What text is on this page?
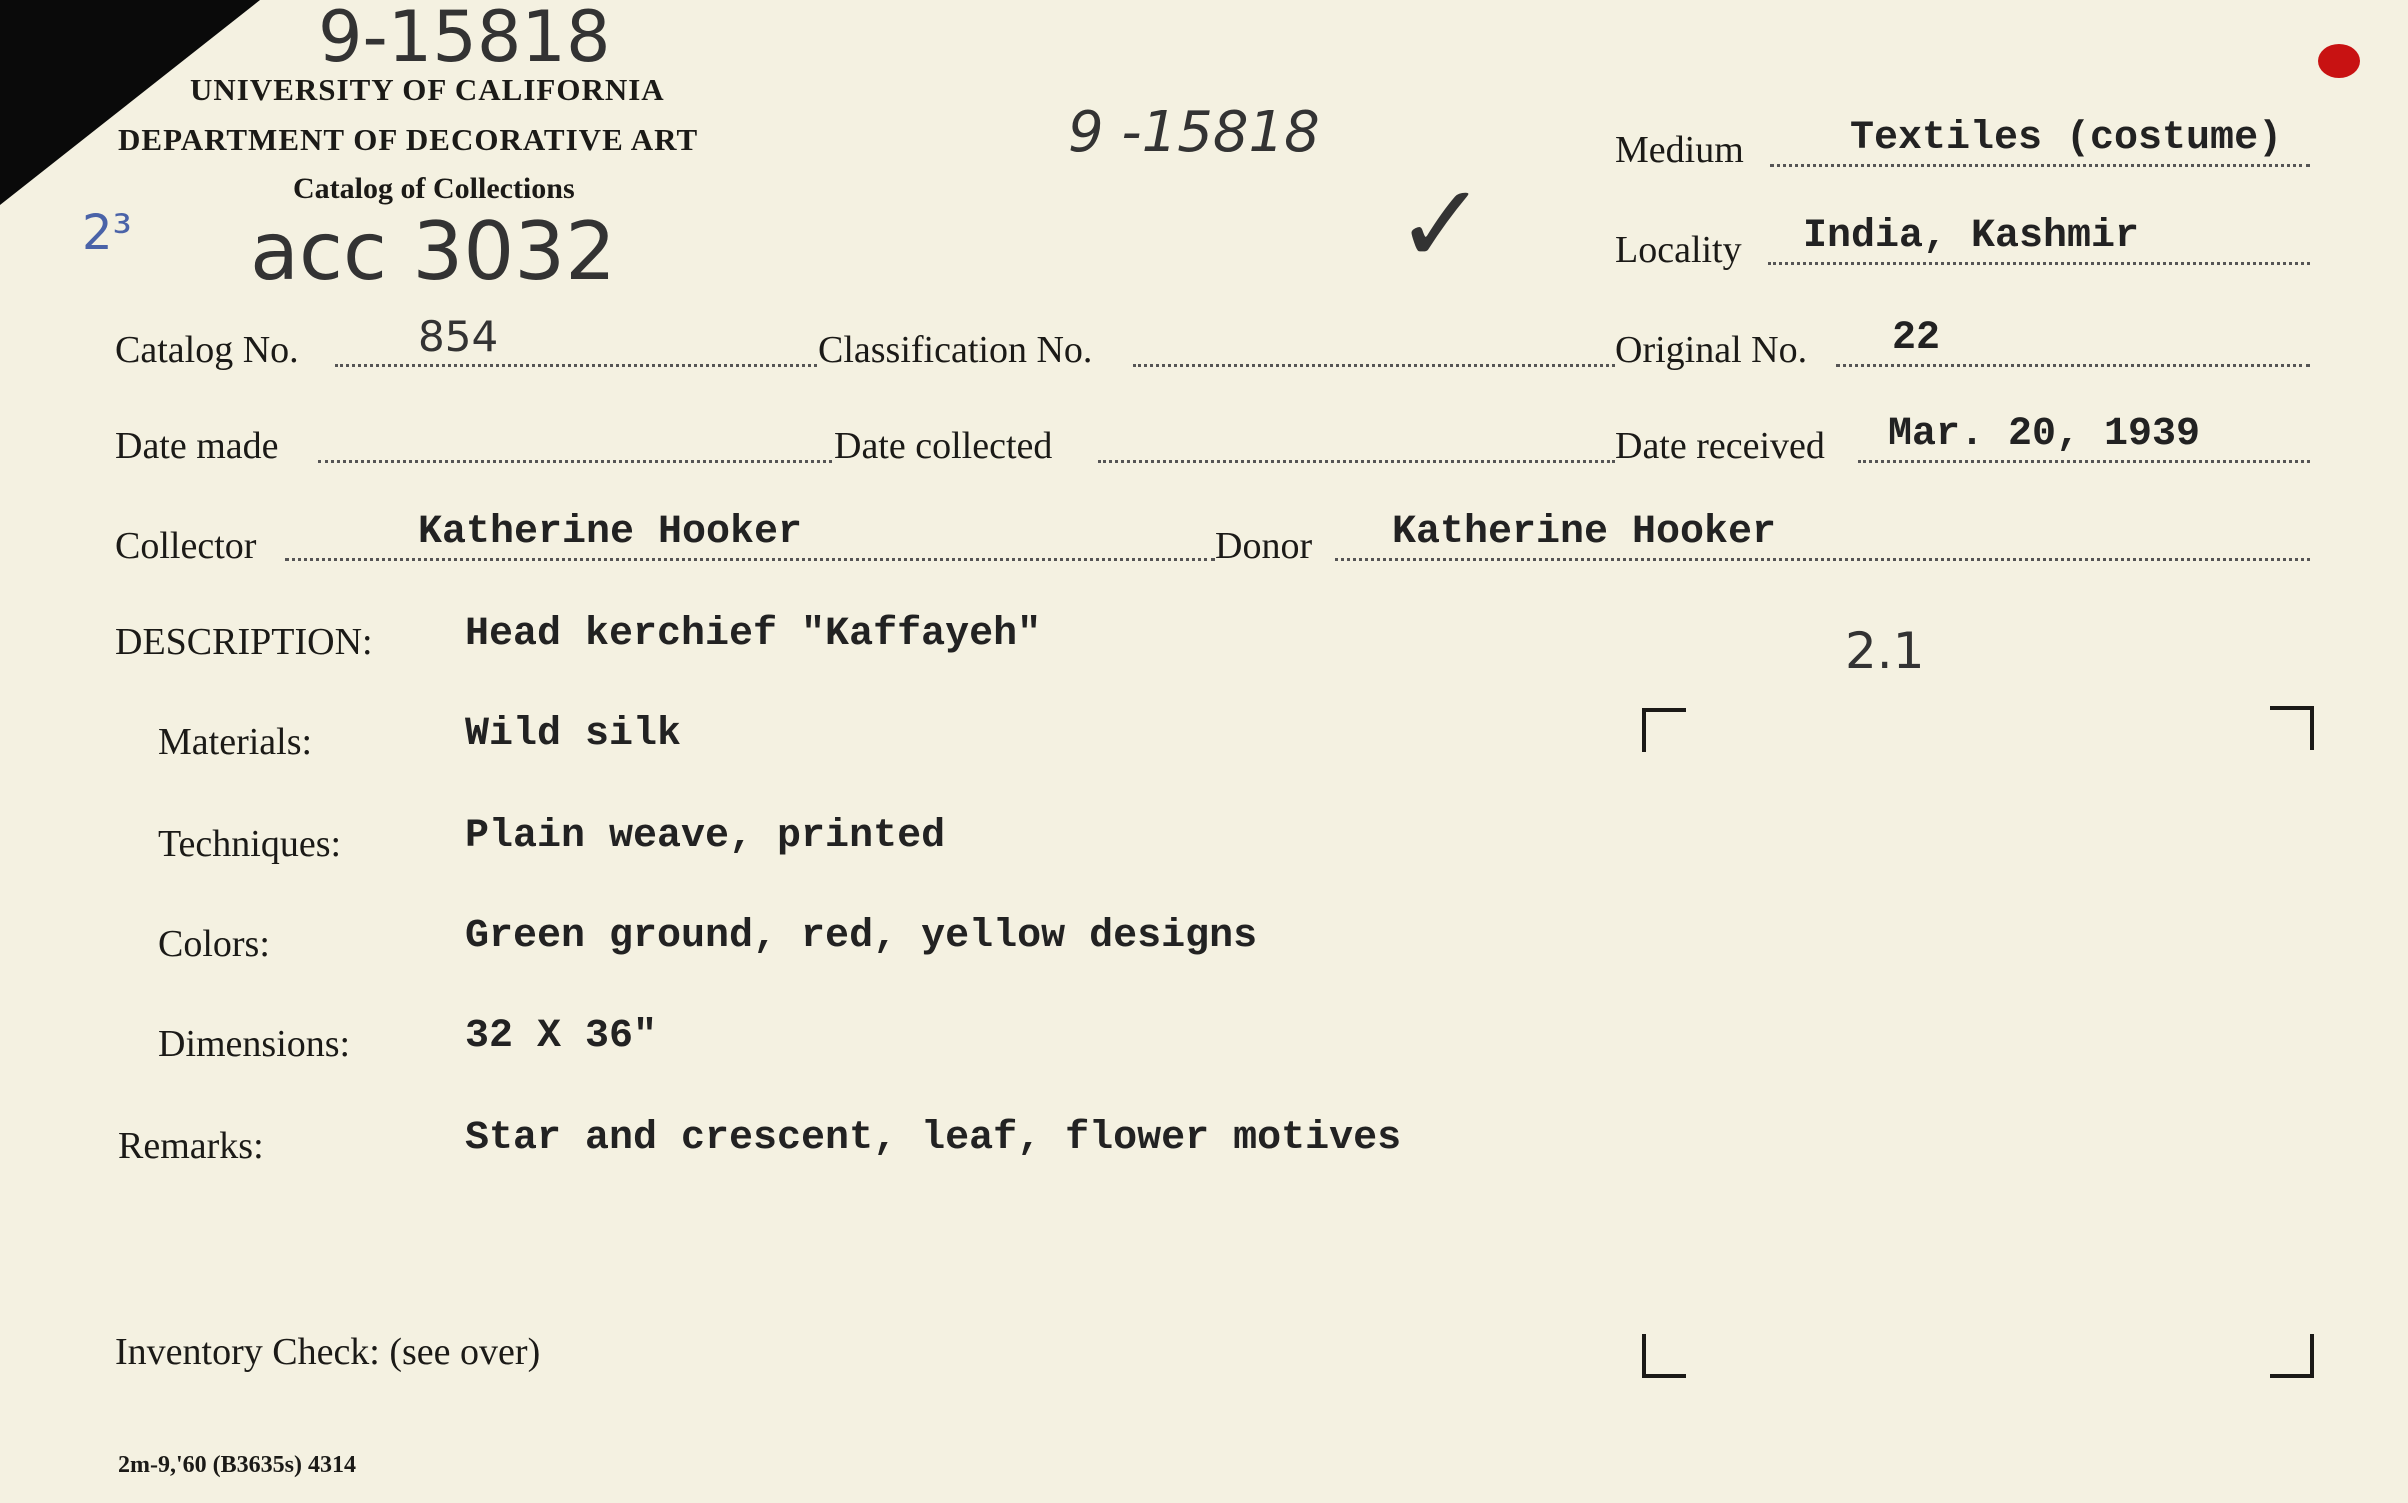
9-15818
UNIVERSITY OF CALIFORNIA
DEPARTMENT OF DECORATIVE ART
Catalog of Collections
2³ acc 3032
9 -15818
✓
Medium	Textiles (costume)
Locality India, Kashmir
Catalog No.	854	Classification No.	Original No. 22
Date made	Date collected	Date received Mar. 20, 1939
Collector	Katherine Hooker	Donor Katherine Hooker
DESCRIPTION: Head kerchief "Kaffayeh"	2.1
Materials:	Wild silk
Techniques:	Plain weave, printed
Colors:	Green ground, red, yellow designs
Dimensions:	32 X 36"
Remarks:	Star and crescent, leaf, flower motives
Inventory Check: (see over)
2m-9,'60 (B3635s) 4314
